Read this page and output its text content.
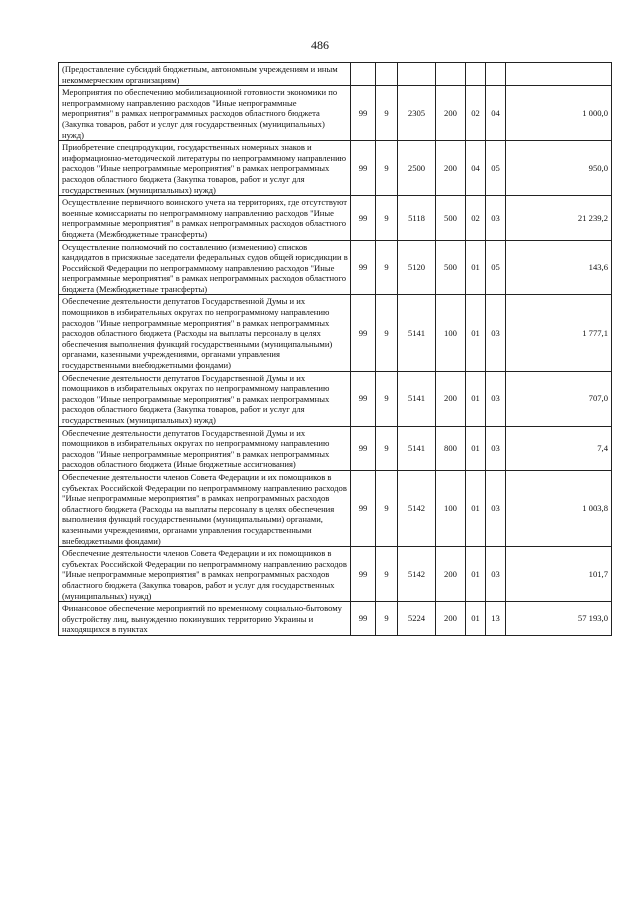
486
(Предоставление субсидий бюджетным, автономным учреждениям и иным некоммерческим организациям)							
Мероприятия по обеспечению мобилизационной готовности экономики по непрограммному направлению расходов "Иные непрограммные мероприятия" в рамках непрограммных расходов областного бюджета (Закупка товаров, работ и услуг для государственных (муниципальных) нужд)	99	9	2305	200	02	04	1 000,0
Приобретение спецпродукции, государственных номерных знаков и информационно-методической литературы по непрограммному направлению расходов "Иные непрограммные мероприятия" в рамках непрограммных расходов областного бюджета (Закупка товаров, работ и услуг для государственных (муниципальных) нужд)	99	9	2500	200	04	05	950,0
Осуществление первичного воинского учета на территориях, где отсутствуют военные комиссариаты по непрограммному направлению расходов "Иные непрограммные мероприятия" в рамках непрограммных расходов областного бюджета (Межбюджетные трансферты)	99	9	5118	500	02	03	21 239,2
Осуществление полномочий по составлению (изменению) списков кандидатов в присяжные заседатели федеральных судов общей юрисдикции в Российской Федерации по непрограммному направлению расходов "Иные непрограммные мероприятия" в рамках непрограммных расходов областного бюджета (Межбюджетные трансферты)	99	9	5120	500	01	05	143,6
Обеспечение деятельности депутатов Государственной Думы и их помощников в избирательных округах по непрограммному направлению расходов "Иные непрограммные мероприятия" в рамках непрограммных расходов областного бюджета (Расходы на выплаты персоналу в целях обеспечения выполнения функций государственными (муниципальными) органами, казенными учреждениями, органами управления государственными внебюджетными фондами)	99	9	5141	100	01	03	1 777,1
Обеспечение деятельности депутатов Государственной Думы и их помощников в избирательных округах по непрограммному направлению расходов "Иные непрограммные мероприятия" в рамках непрограммных расходов областного бюджета (Закупка товаров, работ и услуг для государственных (муниципальных) нужд)	99	9	5141	200	01	03	707,0
Обеспечение деятельности депутатов Государственной Думы и их помощников в избирательных округах по непрограммному направлению расходов "Иные непрограммные мероприятия" в рамках непрограммных расходов областного бюджета (Иные бюджетные ассигнования)	99	9	5141	800	01	03	7,4
Обеспечение деятельности членов Совета Федерации и их помощников в субъектах Российской Федерации по непрограммному направлению расходов "Иные непрограммные мероприятия" в рамках непрограммных расходов областного бюджета (Расходы на выплаты персоналу в целях обеспечения выполнения функций государственными (муниципальными) органами, казенными учреждениями, органами управления государственными внебюджетными фондами)	99	9	5142	100	01	03	1 003,8
Обеспечение деятельности членов Совета Федерации и их помощников в субъектах Российской Федерации по непрограммному направлению расходов "Иные непрограммные мероприятия" в рамках непрограммных расходов областного бюджета (Закупка товаров, работ и услуг для государственных (муниципальных) нужд)	99	9	5142	200	01	03	101,7
Финансовое обеспечение мероприятий по временному социально-бытовому обустройству лиц, вынужденно покинувших территорию Украины и находящихся в пунктах	99	9	5224	200	01	13	57 193,0
